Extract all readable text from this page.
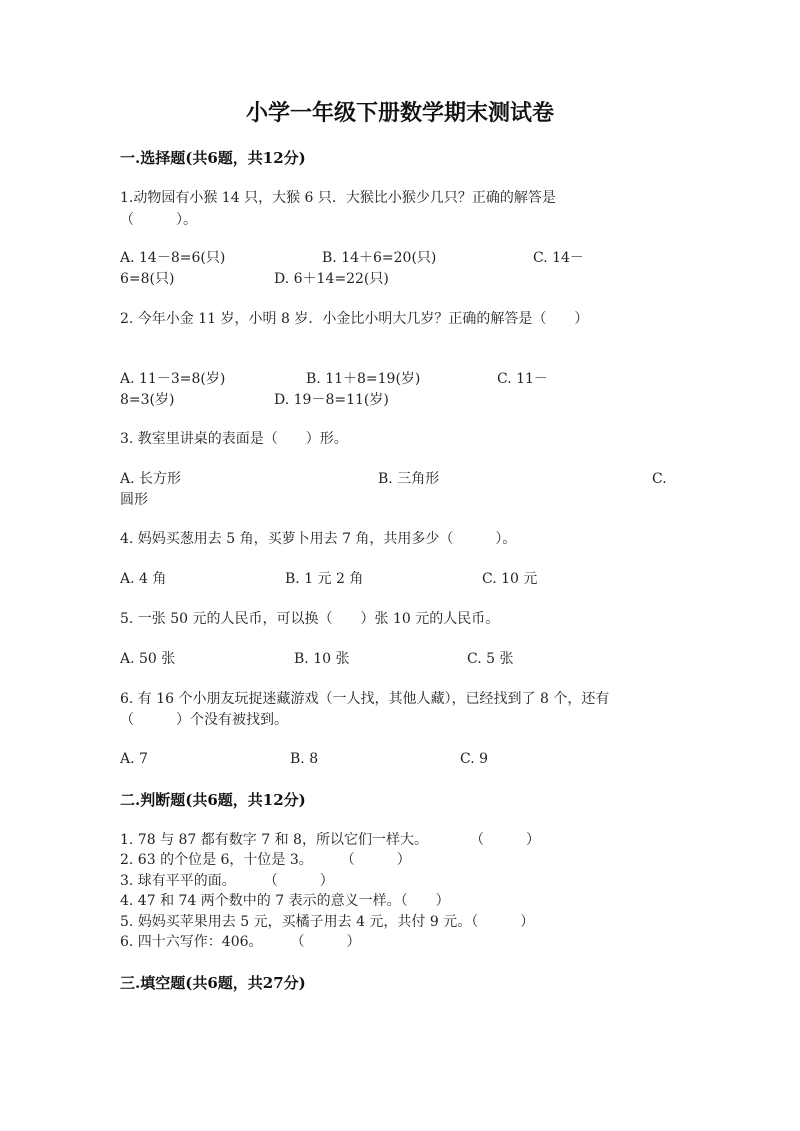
小学一年级下册数学期末测试卷
一.选择题(共6题，共12分)
1.动物园有小猴 14 只，大猴 6 只．大猴比小猴少几只？正确的解答是
（　　　）。
A. 14－8=6(只)	B. 14＋6=20(只)	C. 14－
6=8(只)	D. 6＋14=22(只)
2. 今年小金 11 岁，小明 8 岁．小金比小明大几岁？正确的解答是（　　）
A. 11－3=8(岁)	B. 11＋8=19(岁)	C. 11－
8=3(岁)	D. 19－8=11(岁)
3. 教室里讲桌的表面是（　　）形。
A. 长方形	B. 三角形	C.
圆形
4. 妈妈买葱用去 5 角，买萝卜用去 7 角，共用多少（　　　）。
A. 4 角	B. 1 元 2 角	C. 10 元
5. 一张 50 元的人民币，可以换（　　）张 10 元的人民币。
A. 50 张	B. 10 张	C. 5 张
6. 有 16 个小朋友玩捉迷藏游戏（一人找，其他人藏），已经找到了 8 个，还有
（　　　）个没有被找到。
A. 7	B. 8	C. 9
二.判断题(共6题，共12分)
1. 78 与 87 都有数字 7 和 8，所以它们一样大。　　　　（　　　）
2. 63 的个位是 6，十位是 3。　　　（　　　）
3. 球有平平的面。　　　（　　　）
4. 47 和 74 两个数中的 7 表示的意义一样。（　　）
5. 妈妈买苹果用去 5 元，买橘子用去 4 元，共付 9 元。（　　　）
6. 四十六写作：406。　　　（　　　）
三.填空题(共6题，共27分)
